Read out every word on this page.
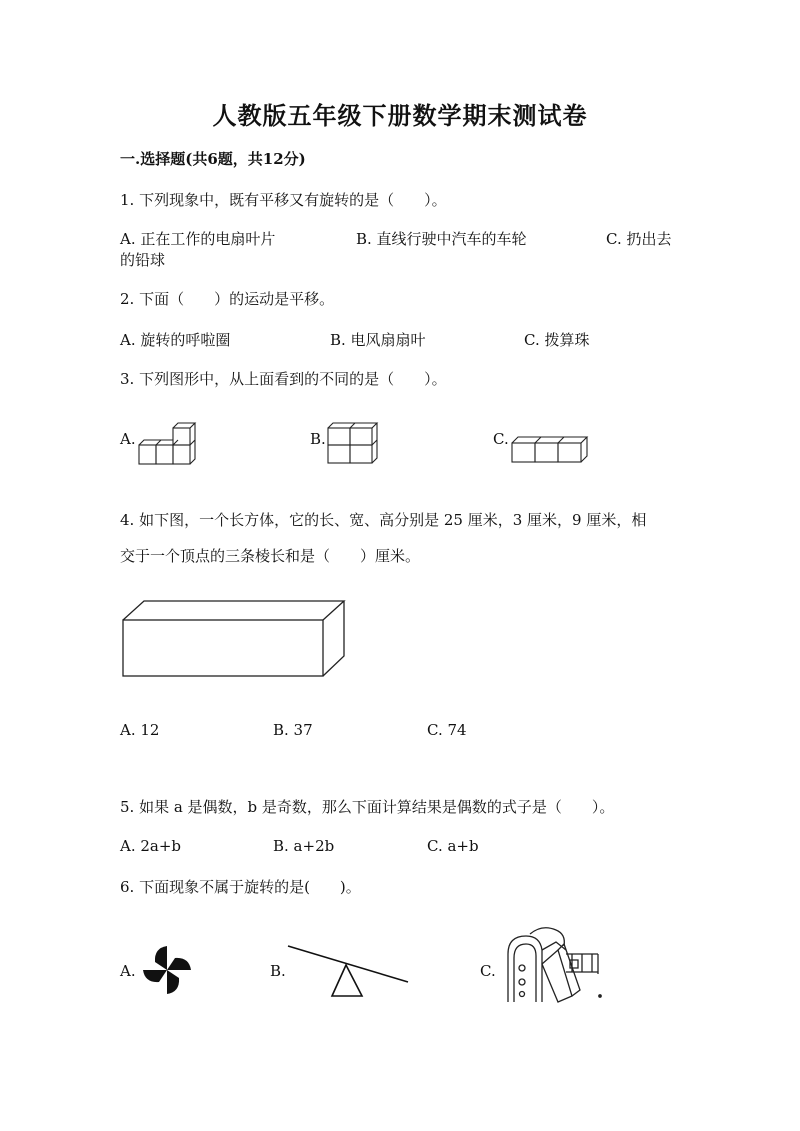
人教版五年级下册数学期末测试卷
一.选择题(共6题，共12分)
1. 下列现象中，既有平移又有旋转的是（　　）。
A. 正在工作的电扇叶片	B. 直线行驶中汽车的车轮	C. 扔出去
的铅球
2. 下面（　　）的运动是平移。
A. 旋转的呼啦圈	B. 电风扇扇叶	C. 拨算珠
3. 下列图形中，从上面看到的不同的是（　　）。
A.	B.	C.
4. 如下图，一个长方体，它的长、宽、高分别是 25 厘米，3 厘米，9 厘米，相
交于一个顶点的三条棱长和是（　　）厘米。
A. 12	B. 37	C. 74
5. 如果 a 是偶数，b 是奇数，那么下面计算结果是偶数的式子是（　　）。
A. 2a+b	B. a+2b	C. a+b
6. 下面现象不属于旋转的是(　　)。
A.	B.	C.
